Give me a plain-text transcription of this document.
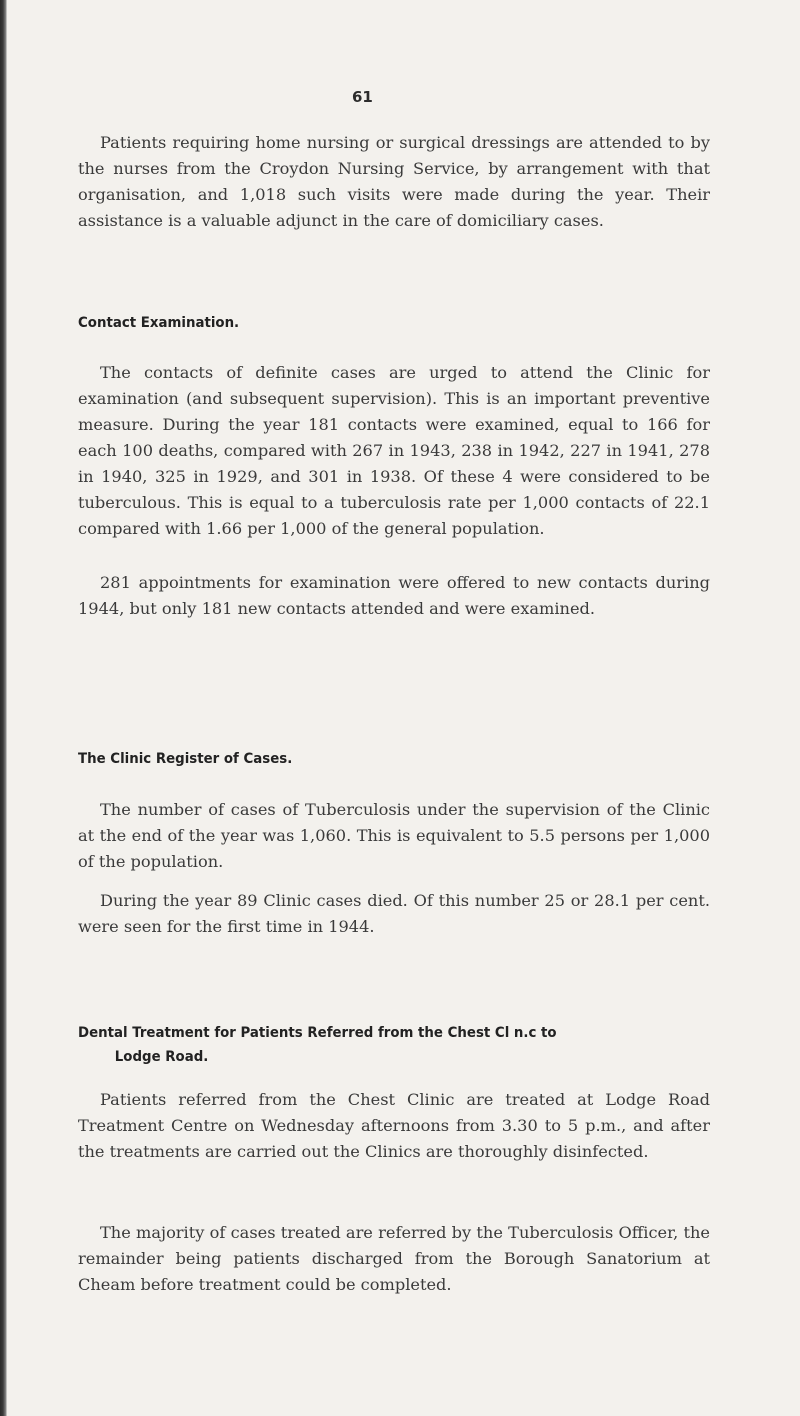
61

Patients requiring home nursing or surgical dressings are attended to by the nurses from the Croydon Nursing Service, by arrangement with that organisation, and 1,018 such visits were made during the year. Their assistance is a valuable adjunct in the care of domiciliary cases.

Contact Examination.

The contacts of definite cases are urged to attend the Clinic for examination (and subsequent supervision). This is an important preventive measure. During the year 181 contacts were examined, equal to 166 for each 100 deaths, compared with 267 in 1943, 238 in 1942, 227 in 1941, 278 in 1940, 325 in 1929, and 301 in 1938. Of these 4 were considered to be tuberculous. This is equal to a tuberculosis rate per 1,000 contacts of 22.1 compared with 1.66 per 1,000 of the general population.

281 appointments for examination were offered to new contacts during 1944, but only 181 new contacts attended and were examined.

The Clinic Register of Cases.

The number of cases of Tuberculosis under the supervision of the Clinic at the end of the year was 1,060. This is equivalent to 5.5 persons per 1,000 of the population.

During the year 89 Clinic cases died. Of this number 25 or 28.1 per cent. were seen for the first time in 1944.

Dental Treatment for Patients Referred from the Chest Cl n.c to
Lodge Road.

Patients referred from the Chest Clinic are treated at Lodge Road Treatment Centre on Wednesday afternoons from 3.30 to 5 p.m., and after the treatments are carried out the Clinics are thoroughly disinfected.

The majority of cases treated are referred by the Tuberculosis Officer, the remainder being patients discharged from the Borough Sanatorium at Cheam before treatment could be completed.
